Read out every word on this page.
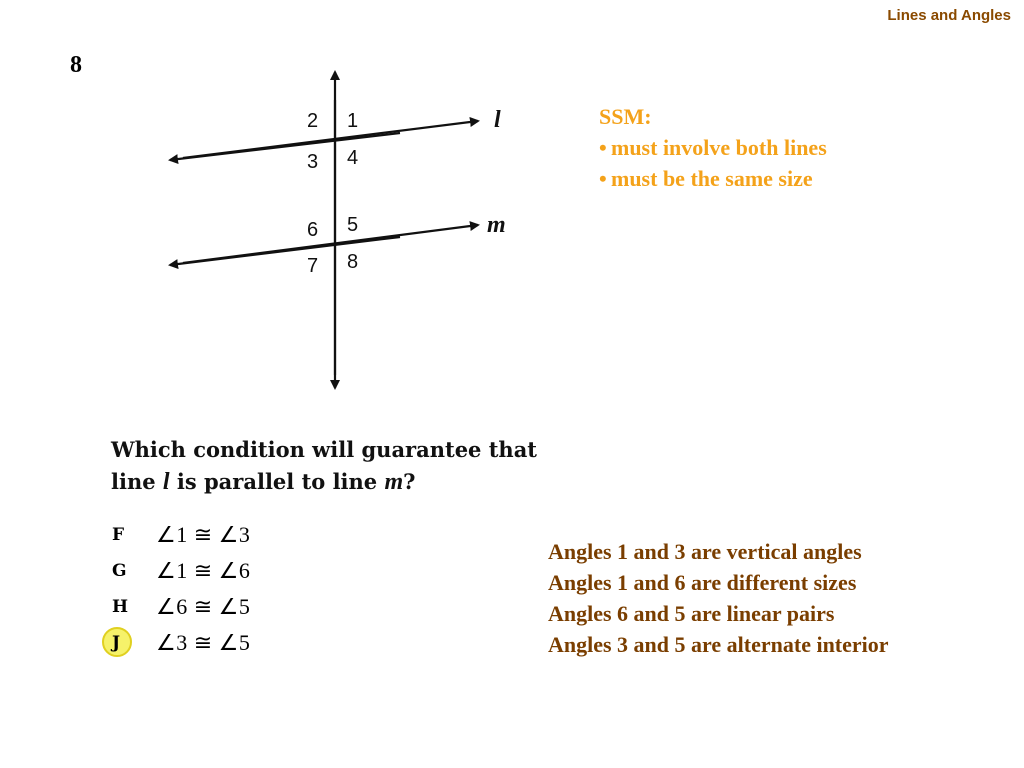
Lines and Angles
8
2 1
3 4
6 5
7 8
l
m
SSM:
• must involve both lines
• must be the same size
Which condition will guarantee that
line l is parallel to line m?
F	∠1 ≅ ∠3
G	∠1 ≅ ∠6
H	∠6 ≅ ∠5
J	∠3 ≅ ∠5
Angles 1 and 3 are vertical angles
Angles 1 and 6 are different sizes
Angles 6 and 5 are linear pairs
Angles 3 and 5 are alternate interior
